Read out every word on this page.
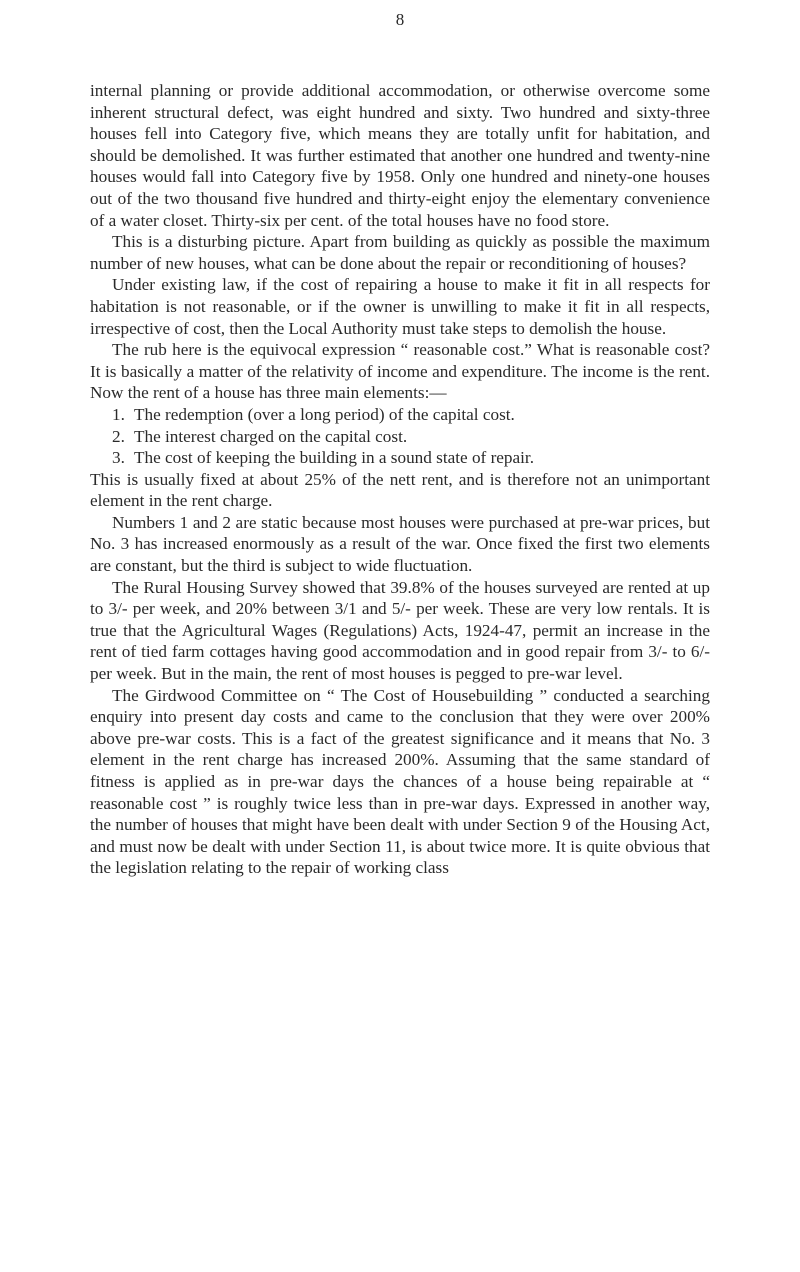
8

internal planning or provide additional accommodation, or otherwise overcome some inherent structural defect, was eight hundred and sixty. Two hundred and sixty-three houses fell into Category five, which means they are totally unfit for habitation, and should be demolished. It was further estimated that another one hundred and twenty-nine houses would fall into Category five by 1958. Only one hundred and ninety-one houses out of the two thousand five hundred and thirty-eight enjoy the elementary convenience of a water closet. Thirty-six per cent. of the total houses have no food store.

This is a disturbing picture. Apart from building as quickly as possible the maximum number of new houses, what can be done about the repair or reconditioning of houses?

Under existing law, if the cost of repairing a house to make it fit in all respects for habitation is not reasonable, or if the owner is unwilling to make it fit in all respects, irrespective of cost, then the Local Authority must take steps to demolish the house.

The rub here is the equivocal expression “ reasonable cost.” What is reasonable cost? It is basically a matter of the relativity of income and expenditure. The income is the rent. Now the rent of a house has three main elements:—

1. The redemption (over a long period) of the capital cost.
2. The interest charged on the capital cost.
3. The cost of keeping the building in a sound state of repair.

This is usually fixed at about 25% of the nett rent, and is therefore not an unimportant element in the rent charge.

Numbers 1 and 2 are static because most houses were purchased at pre-war prices, but No. 3 has increased enormously as a result of the war. Once fixed the first two elements are constant, but the third is subject to wide fluctuation.

The Rural Housing Survey showed that 39.8% of the houses surveyed are rented at up to 3/- per week, and 20% between 3/1 and 5/- per week. These are very low rentals. It is true that the Agricultural Wages (Regulations) Acts, 1924-47, permit an increase in the rent of tied farm cottages having good accommodation and in good repair from 3/- to 6/- per week. But in the main, the rent of most houses is pegged to pre-war level.

The Girdwood Committee on “ The Cost of Housebuilding ” conducted a searching enquiry into present day costs and came to the conclusion that they were over 200% above pre-war costs. This is a fact of the greatest significance and it means that No. 3 element in the rent charge has increased 200%. Assuming that the same standard of fitness is applied as in pre-war days the chances of a house being repairable at “ reasonable cost ” is roughly twice less than in pre-war days. Expressed in another way, the number of houses that might have been dealt with under Section 9 of the Housing Act, and must now be dealt with under Section 11, is about twice more. It is quite obvious that the legislation relating to the repair of working class
